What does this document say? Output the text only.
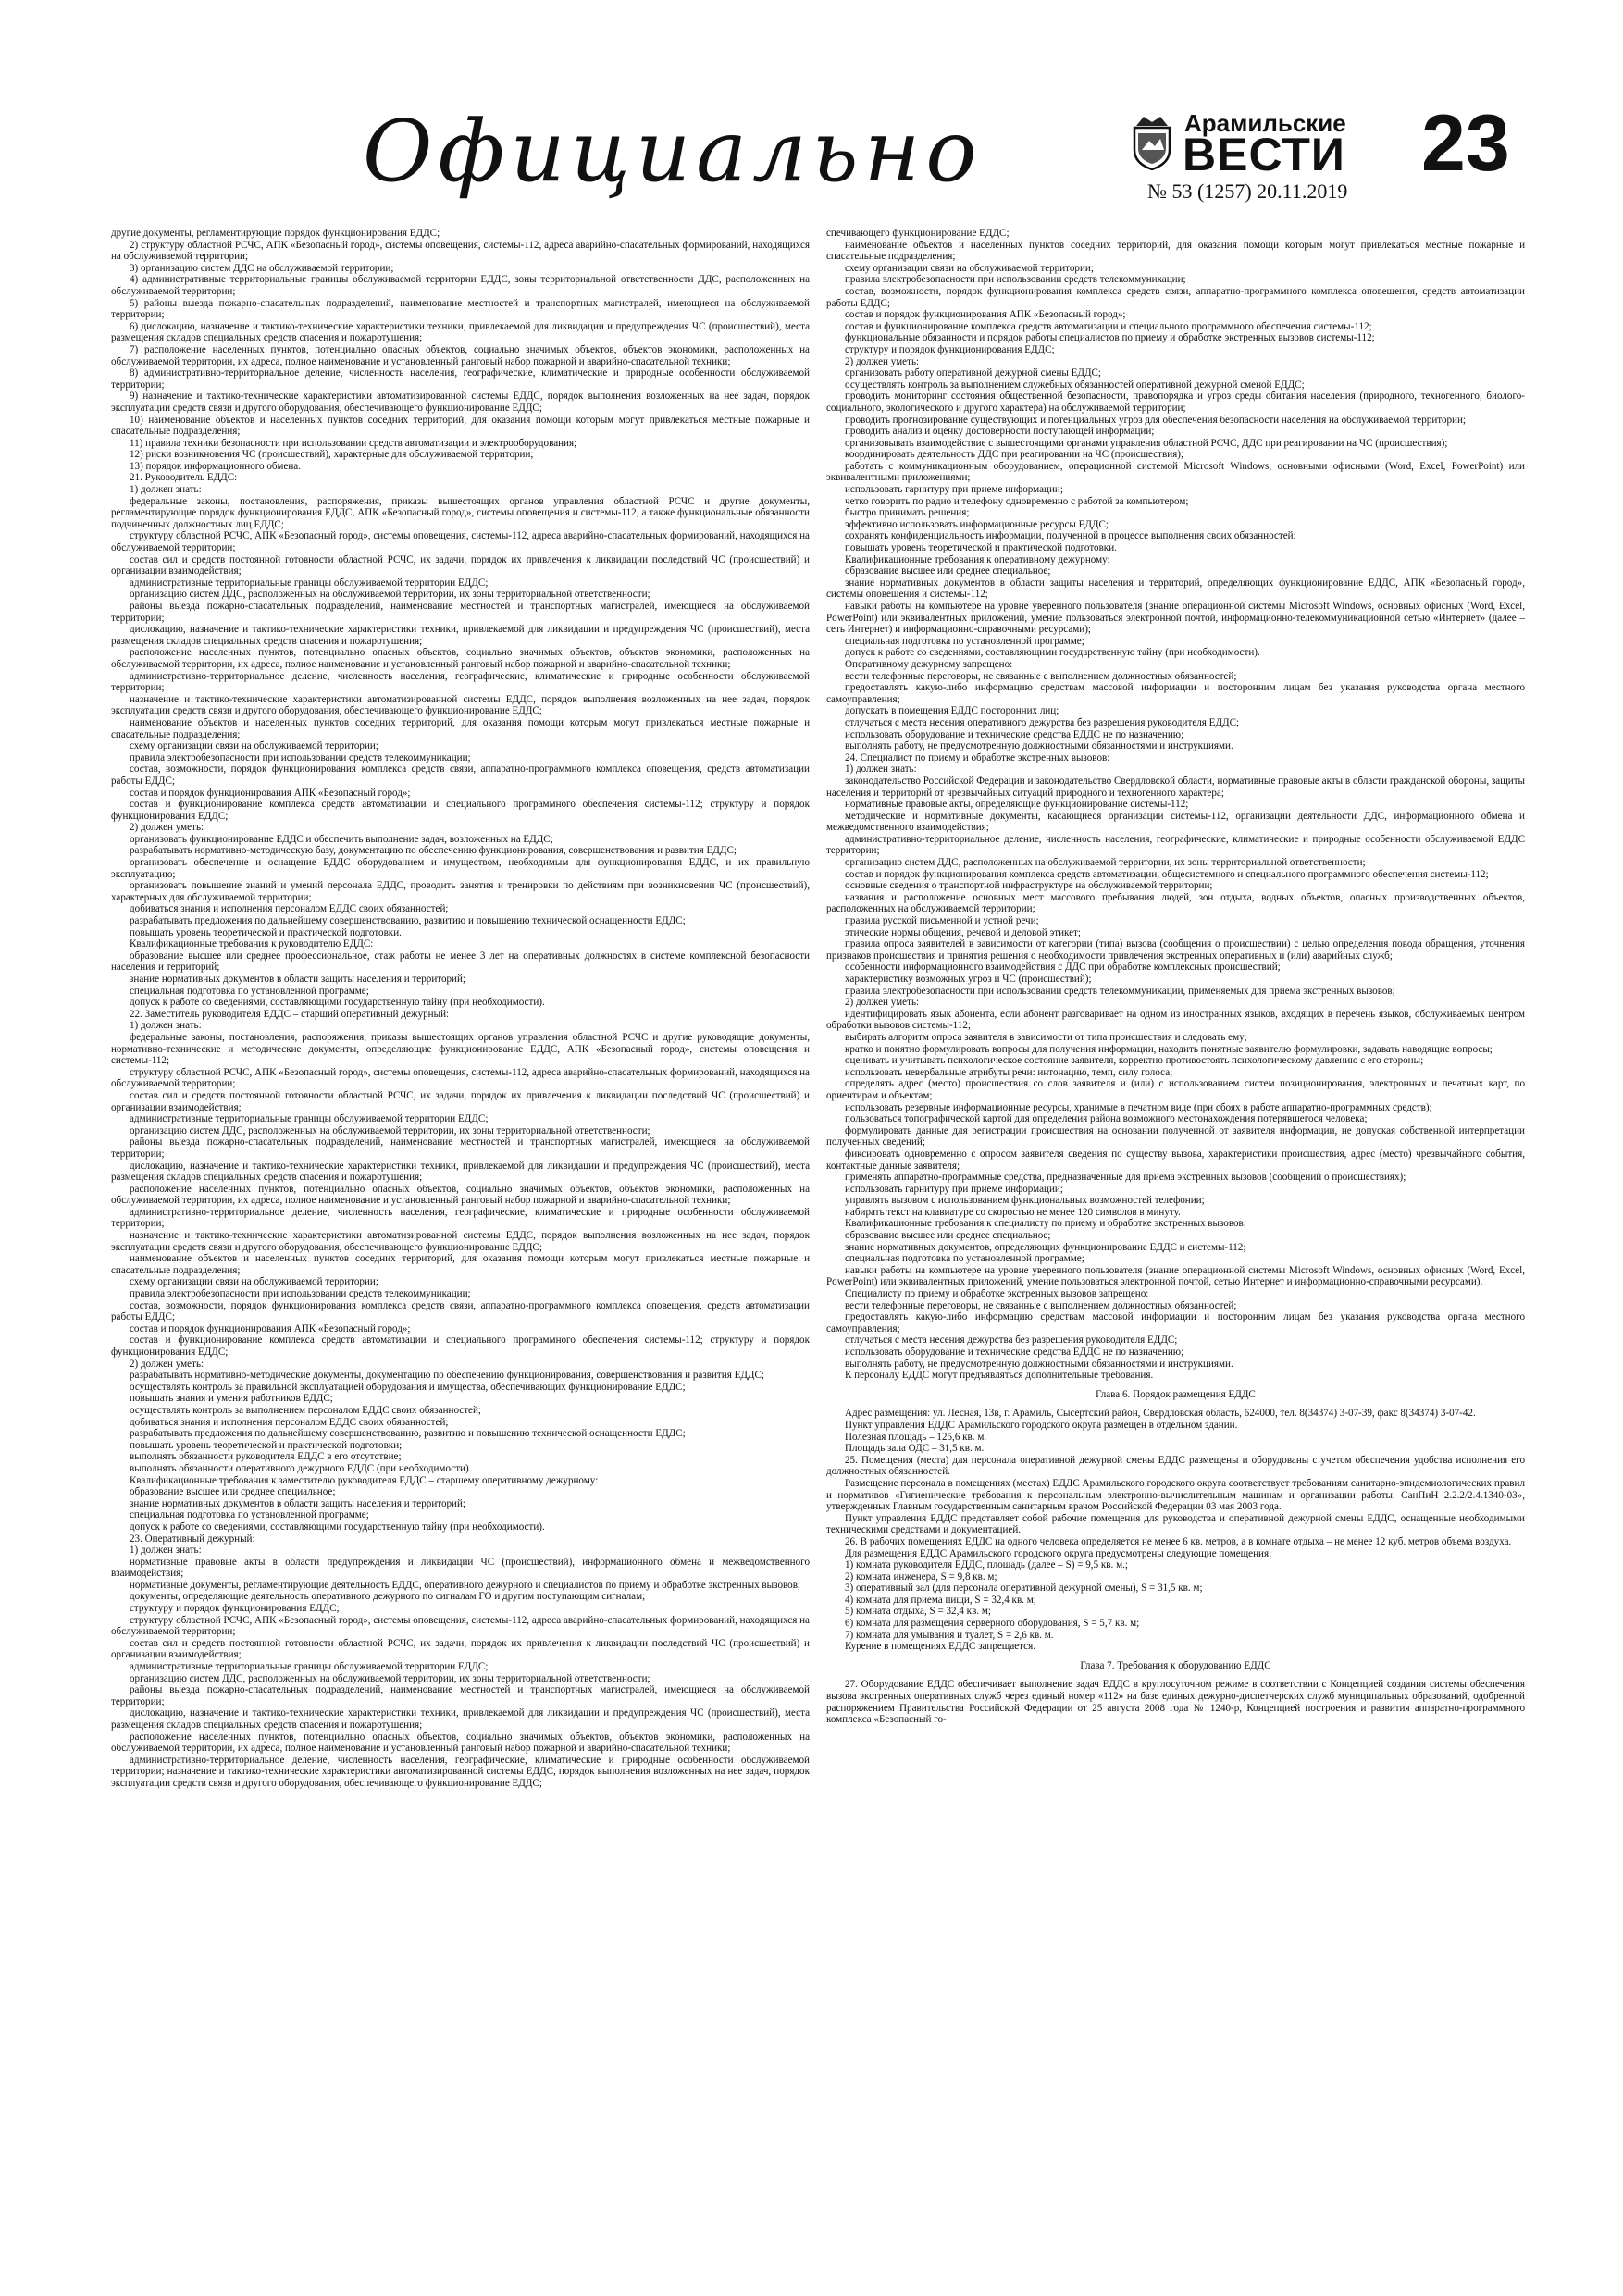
Официально	Арамильские
ВЕСТИ 23
№ 53 (1257) 20.11.2019

другие документы, регламентирующие порядок функционирования ЕДДС;

2) структуру областной РСЧС, АПК «Безопасный город», системы оповещения, системы-112, адреса аварийно-спасательных формирований, находящихся на обслуживаемой территории;

3) организацию систем ДДС на обслуживаемой территории;

4) административные территориальные границы обслуживаемой территории ЕДДС, зоны территориальной ответственности ДДС, расположенных на обслуживаемой территории;

5) районы выезда пожарно-спасательных подразделений, наименование местностей и транспортных магистралей, имеющиеся на обслуживаемой территории;

6) дислокацию, назначение и тактико-технические характеристики техники, привлекаемой для ликвидации и предупреждения ЧС (происшествий), места размещения складов специальных средств спасения и пожаротушения;

7) расположение населенных пунктов, потенциально опасных объектов, социально значимых объектов, объектов экономики, расположенных на обслуживаемой территории, их адреса, полное наименование и установленный ранговый набор пожарной и аварийно-спасательной техники;

8) административно-территориальное деление, численность населения, географические, климатические и природные особенности обслуживаемой территории;

9) назначение и тактико-технические характеристики автоматизированной системы ЕДДС, порядок выполнения возложенных на нее задач, порядок эксплуатации средств связи и другого оборудования, обеспечивающего функционирование ЕДДС;

10) наименование объектов и населенных пунктов соседних территорий, для оказания помощи которым могут привлекаться местные пожарные и спасательные подразделения;

11) правила техники безопасности при использовании средств автоматизации и электрооборудования;

12) риски возникновения ЧС (происшествий), характерные для обслуживаемой территории;

13) порядок информационного обмена.

21. Руководитель ЕДДС:

1) должен знать:

федеральные законы, постановления, распоряжения, приказы вышестоящих органов управления областной РСЧС и другие документы, регламентирующие порядок функционирования ЕДДС, АПК «Безопасный город», системы оповещения и системы-112, а также функциональные обязанности подчиненных должностных лиц ЕДДС;

структуру областной РСЧС, АПК «Безопасный город», системы оповещения, системы-112, адреса аварийно-спасательных формирований, находящихся на обслуживаемой территории;

состав сил и средств постоянной готовности областной РСЧС, их задачи, порядок их привлечения к ликвидации последствий ЧС (происшествий) и организации взаимодействия;

административные территориальные границы обслуживаемой территории ЕДДС;

организацию систем ДДС, расположенных на обслуживаемой территории, их зоны территориальной ответственности;

районы выезда пожарно-спасательных подразделений, наименование местностей и транспортных магистралей, имеющиеся на обслуживаемой территории;

дислокацию, назначение и тактико-технические характеристики техники, привлекаемой для ликвидации и предупреждения ЧС (происшествий), места размещения складов специальных средств спасения и пожаротушения;

расположение населенных пунктов, потенциально опасных объектов, социально значимых объектов, объектов экономики, расположенных на обслуживаемой территории, их адреса, полное наименование и установленный ранговый набор пожарной и аварийно-спасательной техники;

административно-территориальное деление, численность населения, географические, климатические и природные особенности обслуживаемой территории;

назначение и тактико-технические характеристики автоматизированной системы ЕДДС, порядок выполнения возложенных на нее задач, порядок эксплуатации средств связи и другого оборудования, обеспечивающего функционирование ЕДДС;

наименование объектов и населенных пунктов соседних территорий, для оказания помощи которым могут привлекаться местные пожарные и спасательные подразделения;

схему организации связи на обслуживаемой территории;

правила электробезопасности при использовании средств телекоммуникации;

состав, возможности, порядок функционирования комплекса средств связи, аппаратно-программного комплекса оповещения, средств автоматизации работы ЕДДС;

состав и порядок функционирования АПК «Безопасный город»;

состав и функционирование комплекса средств автоматизации и специального программного обеспечения системы-112; структуру и порядок функционирования ЕДДС;

2) должен уметь:

организовать функционирование ЕДДС и обеспечить выполнение задач, возложенных на ЕДДС;

разрабатывать нормативно-методическую базу, документацию по обеспечению функционирования, совершенствования и развития ЕДДС;

организовать обеспечение и оснащение ЕДДС оборудованием и имуществом, необходимым для функционирования ЕДДС, и их правильную эксплуатацию;

организовать повышение знаний и умений персонала ЕДДС, проводить занятия и тренировки по действиям при возникновении ЧС (происшествий), характерных для обслуживаемой территории;

добиваться знания и исполнения персоналом ЕДДС своих обязанностей;

разрабатывать предложения по дальнейшему совершенствованию, развитию и повышению технической оснащенности ЕДДС;

повышать уровень теоретической и практической подготовки.

Квалификационные требования к руководителю ЕДДС:

образование высшее или среднее профессиональное, стаж работы не менее 3 лет на оперативных должностях в системе комплексной безопасности населения и территорий;

знание нормативных документов в области защиты населения и территорий;

специальная подготовка по установленной программе;

допуск к работе со сведениями, составляющими государственную тайну (при необходимости).

22. Заместитель руководителя ЕДДС – старший оперативный дежурный:

1) должен знать:

федеральные законы, постановления, распоряжения, приказы вышестоящих органов управления областной РСЧС и другие руководящие документы, нормативно-технические и методические документы, определяющие функционирование ЕДДС, АПК «Безопасный город», системы оповещения и системы-112;

структуру областной РСЧС, АПК «Безопасный город», системы оповещения, системы-112, адреса аварийно-спасательных формирований, находящихся на обслуживаемой территории;

состав сил и средств постоянной готовности областной РСЧС, их задачи, порядок их привлечения к ликвидации последствий ЧС (происшествий) и организации взаимодействия;

административные территориальные границы обслуживаемой территории ЕДДС;

организацию систем ДДС, расположенных на обслуживаемой территории, их зоны территориальной ответственности;

районы выезда пожарно-спасательных подразделений, наименование местностей и транспортных магистралей, имеющиеся на обслуживаемой территории;

дислокацию, назначение и тактико-технические характеристики техники, привлекаемой для ликвидации и предупреждения ЧС (происшествий), места размещения складов специальных средств спасения и пожаротушения;

расположение населенных пунктов, потенциально опасных объектов, социально значимых объектов, объектов экономики, расположенных на обслуживаемой территории, их адреса, полное наименование и установленный ранговый набор пожарной и аварийно-спасательной техники;

административно-территориальное деление, численность населения, географические, климатические и природные особенности обслуживаемой территории;

назначение и тактико-технические характеристики автоматизированной системы ЕДДС, порядок выполнения возложенных на нее задач, порядок эксплуатации средств связи и другого оборудования, обеспечивающего функционирование ЕДДС;

наименование объектов и населенных пунктов соседних территорий, для оказания помощи которым могут привлекаться местные пожарные и спасательные подразделения;

схему организации связи на обслуживаемой территории;

правила электробезопасности при использовании средств телекоммуникации;

состав, возможности, порядок функционирования комплекса средств связи, аппаратно-программного комплекса оповещения, средств автоматизации работы ЕДДС;

состав и порядок функционирования АПК «Безопасный город»;

состав и функционирование комплекса средств автоматизации и специального программного обеспечения системы-112; структуру и порядок функционирования ЕДДС;

2) должен уметь:

разрабатывать нормативно-методические документы, документацию по обеспечению функционирования, совершенствования и развития ЕДДС;

осуществлять контроль за правильной эксплуатацией оборудования и имущества, обеспечивающих функционирование ЕДДС;

повышать знания и умения работников ЕДДС;

осуществлять контроль за выполнением персоналом ЕДДС своих обязанностей;

добиваться знания и исполнения персоналом ЕДДС своих обязанностей;

разрабатывать предложения по дальнейшему совершенствованию, развитию и повышению технической оснащенности ЕДДС;

повышать уровень теоретической и практической подготовки;

выполнять обязанности руководителя ЕДДС в его отсутствие;

выполнять обязанности оперативного дежурного ЕДДС (при необходимости).

Квалификационные требования к заместителю руководителя ЕДДС – старшему оперативному дежурному:

образование высшее или среднее специальное;

знание нормативных документов в области защиты населения и территорий;

специальная подготовка по установленной программе;

допуск к работе со сведениями, составляющими государственную тайну (при необходимости).

23. Оперативный дежурный:

1) должен знать:

нормативные правовые акты в области предупреждения и ликвидации ЧС (происшествий), информационного обмена и межведомственного взаимодействия;

нормативные документы, регламентирующие деятельность ЕДДС, оперативного дежурного и специалистов по приему и обработке экстренных вызовов;

документы, определяющие деятельность оперативного дежурного по сигналам ГО и другим поступающим сигналам;

структуру и порядок функционирования ЕДДС;

структуру областной РСЧС, АПК «Безопасный город», системы оповещения, системы-112, адреса аварийно-спасательных формирований, находящихся на обслуживаемой территории;

состав сил и средств постоянной готовности областной РСЧС, их задачи, порядок их привлечения к ликвидации последствий ЧС (происшествий) и организации взаимодействия;

административные территориальные границы обслуживаемой территории ЕДДС;

организацию систем ДДС, расположенных на обслуживаемой территории, их зоны территориальной ответственности;

районы выезда пожарно-спасательных подразделений, наименование местностей и транспортных магистралей, имеющиеся на обслуживаемой территории;

дислокацию, назначение и тактико-технические характеристики техники, привлекаемой для ликвидации и предупреждения ЧС (происшествий), места размещения складов специальных средств спасения и пожаротушения;

расположение населенных пунктов, потенциально опасных объектов, социально значимых объектов, объектов экономики, расположенных на обслуживаемой территории, их адреса, полное наименование и установленный ранговый набор пожарной и аварийно-спасательной техники;

административно-территориальное деление, численность населения, географические, климатические и природные особенности обслуживаемой территории; назначение и тактико-технические характеристики автоматизированной системы ЕДДС, порядок выполнения возложенных на нее задач, порядок эксплуатации средств связи и другого оборудования, обеспечивающего функционирование ЕДДС;

спечивающего функционирование ЕДДС;

наименование объектов и населенных пунктов соседних территорий, для оказания помощи которым могут привлекаться местные пожарные и спасательные подразделения;

схему организации связи на обслуживаемой территории;

правила электробезопасности при использовании средств телекоммуникации;

состав, возможности, порядок функционирования комплекса средств связи, аппаратно-программного комплекса оповещения, средств автоматизации работы ЕДДС;

состав и порядок функционирования АПК «Безопасный город»;

состав и функционирование комплекса средств автоматизации и специального программного обеспечения системы-112;

функциональные обязанности и порядок работы специалистов по приему и обработке экстренных вызовов системы-112;

структуру и порядок функционирования ЕДДС;

2) должен уметь:

организовать работу оперативной дежурной смены ЕДДС;

осуществлять контроль за выполнением служебных обязанностей оперативной дежурной сменой ЕДДС;

проводить мониторинг состояния общественной безопасности, правопорядка и угроз среды обитания населения (природного, техногенного, биолого-социального, экологического и другого характера) на обслуживаемой территории;

проводить прогнозирование существующих и потенциальных угроз для обеспечения безопасности населения на обслуживаемой территории;

проводить анализ и оценку достоверности поступающей информации;

организовывать взаимодействие с вышестоящими органами управления областной РСЧС, ДДС при реагировании на ЧС (происшествия);

координировать деятельность ДДС при реагировании на ЧС (происшествия);

работать с коммуникационным оборудованием, операционной системой Microsoft Windows, основными офисными (Word, Excel, PowerPoint) или эквивалентными приложениями;

использовать гарнитуру при приеме информации;

четко говорить по радио и телефону одновременно с работой за компьютером;

быстро принимать решения;

эффективно использовать информационные ресурсы ЕДДС;

сохранять конфиденциальность информации, полученной в процессе выполнения своих обязанностей;

повышать уровень теоретической и практической подготовки.

Квалификационные требования к оперативному дежурному:

образование высшее или среднее специальное;

знание нормативных документов в области защиты населения и территорий, определяющих функционирование ЕДДС, АПК «Безопасный город», системы оповещения и системы-112;

навыки работы на компьютере на уровне уверенного пользователя (знание операционной системы Microsoft Windows, основных офисных (Word, Excel, PowerPoint) или эквивалентных приложений, умение пользоваться электронной почтой, информационно-телекоммуникационной сетью «Интернет» (далее – сеть Интернет) и информационно-справочными ресурсами);

специальная подготовка по установленной программе;

допуск к работе со сведениями, составляющими государственную тайну (при необходимости).

Оперативному дежурному запрещено:

вести телефонные переговоры, не связанные с выполнением должностных обязанностей;

предоставлять какую-либо информацию средствам массовой информации и посторонним лицам без указания руководства органа местного самоуправления;

допускать в помещения ЕДДС посторонних лиц;

отлучаться с места несения оперативного дежурства без разрешения руководителя ЕДДС;

использовать оборудование и технические средства ЕДДС не по назначению;

выполнять работу, не предусмотренную должностными обязанностями и инструкциями.

24. Специалист по приему и обработке экстренных вызовов:

1) должен знать:

законодательство Российской Федерации и законодательство Свердловской области, нормативные правовые акты в области гражданской обороны, защиты населения и территорий от чрезвычайных ситуаций природного и техногенного характера;

нормативные правовые акты, определяющие функционирование системы-112;

методические и нормативные документы, касающиеся организации системы-112, организации деятельности ДДС, информационного обмена и межведомственного взаимодействия;

административно-территориальное деление, численность населения, географические, климатические и природные особенности обслуживаемой ЕДДС территории;

организацию систем ДДС, расположенных на обслуживаемой территории, их зоны территориальной ответственности;

состав и порядок функционирования комплекса средств автоматизации, общесистемного и специального программного обеспечения системы-112;

основные сведения о транспортной инфраструктуре на обслуживаемой территории;

названия и расположение основных мест массового пребывания людей, зон отдыха, водных объектов, опасных производственных объектов, расположенных на обслуживаемой территории;

правила русской письменной и устной речи;

этические нормы общения, речевой и деловой этикет;

правила опроса заявителей в зависимости от категории (типа) вызова (сообщения о происшествии) с целью определения повода обращения, уточнения признаков происшествия и принятия решения о необходимости привлечения экстренных оперативных и (или) аварийных служб;

особенности информационного взаимодействия с ДДС при обработке комплексных происшествий;

характеристику возможных угроз и ЧС (происшествий);

правила электробезопасности при использовании средств телекоммуникации, применяемых для приема экстренных вызовов;

2) должен уметь:

идентифицировать язык абонента, если абонент разговаривает на одном из иностранных языков, входящих в перечень языков, обслуживаемых центром обработки вызовов системы-112;

выбирать алгоритм опроса заявителя в зависимости от типа происшествия и следовать ему;

кратко и понятно формулировать вопросы для получения информации, находить понятные заявителю формулировки, задавать наводящие вопросы;

оценивать и учитывать психологическое состояние заявителя, корректно противостоять психологическому давлению с его стороны;

использовать невербальные атрибуты речи: интонацию, темп, силу голоса;

определять адрес (место) происшествия со слов заявителя и (или) с использованием систем позиционирования, электронных и печатных карт, по ориентирам и объектам;

использовать резервные информационные ресурсы, хранимые в печатном виде (при сбоях в работе аппаратно-программных средств);

пользоваться топографической картой для определения района возможного местонахождения потерявшегося человека;

формулировать данные для регистрации происшествия на основании полученной от заявителя информации, не допуская собственной интерпретации полученных сведений;

фиксировать одновременно с опросом заявителя сведения по существу вызова, характеристики происшествия, адрес (место) чрезвычайного события, контактные данные заявителя;

применять аппаратно-программные средства, предназначенные для приема экстренных вызовов (сообщений о происшествиях);

использовать гарнитуру при приеме информации;

управлять вызовом с использованием функциональных возможностей телефонии;

набирать текст на клавиатуре со скоростью не менее 120 символов в минуту.

Квалификационные требования к специалисту по приему и обработке экстренных вызовов:

образование высшее или среднее специальное;

знание нормативных документов, определяющих функционирование ЕДДС и системы-112;

специальная подготовка по установленной программе;

навыки работы на компьютере на уровне уверенного пользователя (знание операционной системы Microsoft Windows, основных офисных (Word, Excel, PowerPoint) или эквивалентных приложений, умение пользоваться электронной почтой, сетью Интернет и информационно-справочными ресурсами).

Специалисту по приему и обработке экстренных вызовов запрещено:

вести телефонные переговоры, не связанные с выполнением должностных обязанностей;

предоставлять какую-либо информацию средствам массовой информации и посторонним лицам без указания руководства органа местного самоуправления;

отлучаться с места несения дежурства без разрешения руководителя ЕДДС;

использовать оборудование и технические средства ЕДДС не по назначению;

выполнять работу, не предусмотренную должностными обязанностями и инструкциями.

К персоналу ЕДДС могут предъявляться дополнительные требования.

Глава 6. Порядок размещения ЕДДС

Адрес размещения: ул. Лесная, 13в, г. Арамиль, Сысертский район, Свердловская область, 624000, тел. 8(34374) 3-07-39, факс 8(34374) 3-07-42.

Пункт управления ЕДДС Арамильского городского округа размещен в отдельном здании.

Полезная площадь – 125,6 кв. м.

Площадь зала ОДС – 31,5 кв. м.

25. Помещения (места) для персонала оперативной дежурной смены ЕДДС размещены и оборудованы с учетом обеспечения удобства исполнения его должностных обязанностей.

Размещение персонала в помещениях (местах) ЕДДС Арамильского городского округа соответствует требованиям санитарно-эпидемиологических правил и нормативов «Гигиенические требования к персональным электронно-вычислительным машинам и организации работы. СанПиН 2.2.2/2.4.1340-03», утвержденных Главным государственным санитарным врачом Российской Федерации 03 мая 2003 года.

Пункт управления ЕДДС представляет собой рабочие помещения для руководства и оперативной дежурной смены ЕДДС, оснащенные необходимыми техническими средствами и документацией.

26. В рабочих помещениях ЕДДС на одного человека определяется не менее 6 кв. метров, а в комнате отдыха – не менее 12 куб. метров объема воздуха.

Для размещения ЕДДС Арамильского городского округа предусмотрены следующие помещения:

1) комната руководителя ЕДДС, площадь (далее – S) = 9,5 кв. м.;

2) комната инженера, S = 9,8 кв. м;

3) оперативный зал (для персонала оперативной дежурной смены), S = 31,5 кв. м;

4) комната для приема пищи, S = 32,4 кв. м;

5) комната отдыха, S = 32,4 кв. м;

6) комната для размещения серверного оборудования, S = 5,7 кв. м;

7) комната для умывания и туалет, S = 2,6 кв. м.

Курение в помещениях ЕДДС запрещается.

Глава 7. Требования к оборудованию ЕДДС

27. Оборудование ЕДДС обеспечивает выполнение задач ЕДДС в круглосуточном режиме в соответствии с Концепцией создания системы обеспечения вызова экстренных оперативных служб через единый номер «112» на базе единых дежурно-диспетчерских служб муниципальных образований, одобренной распоряжением Правительства Российской Федерации от 25 августа 2008 года № 1240-р, Концепцией построения и развития аппаратно-программного комплекса «Безопасный го-
